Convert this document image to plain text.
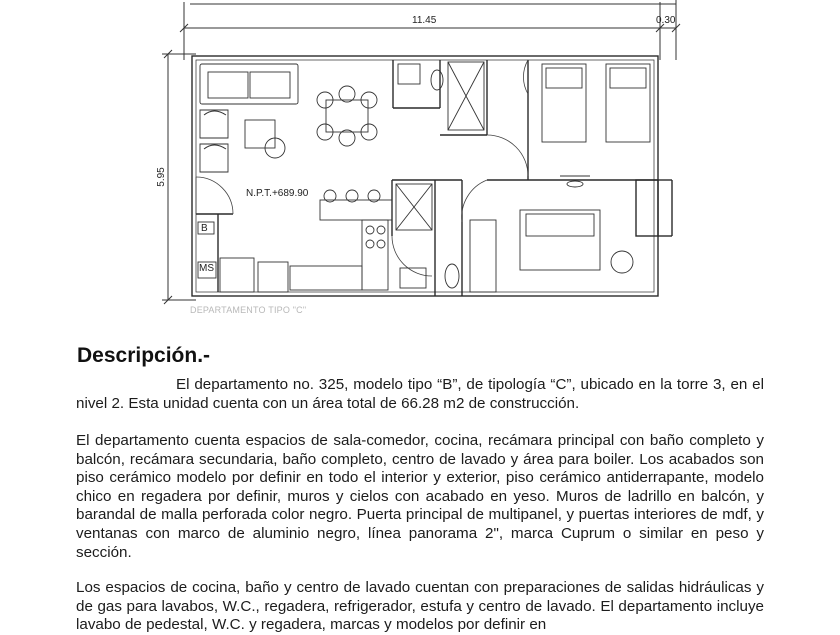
11.45	0.30
5.95
N.P.T.+689.90
B
MS
DEPARTAMENTO TIPO "C"
Descripción.-

El departamento no. 325, modelo tipo “B”, de tipología “C”, ubicado en la torre 3, en el nivel 2. Esta unidad cuenta con un área total de 66.28 m2 de construcción.

El departamento cuenta espacios de sala-comedor, cocina, recámara principal con baño completo y balcón, recámara secundaria, baño completo, centro de lavado y área para boiler. Los acabados son piso cerámico modelo por definir en todo el interior y exterior, piso cerámico antiderrapante, modelo chico en regadera por definir, muros y cielos con acabado en yeso. Muros de ladrillo en balcón, y barandal de malla perforada color negro. Puerta principal de multipanel, y puertas interiores de mdf, y ventanas con marco de aluminio negro, línea panorama 2", marca Cuprum o similar en peso y sección.

Los espacios de cocina, baño y centro de lavado cuentan con preparaciones de salidas hidráulicas y de gas para lavabos, W.C., regadera, refrigerador, estufa y centro de lavado. El departamento incluye lavabo de pedestal, W.C. y regadera, marcas y modelos por definir en
